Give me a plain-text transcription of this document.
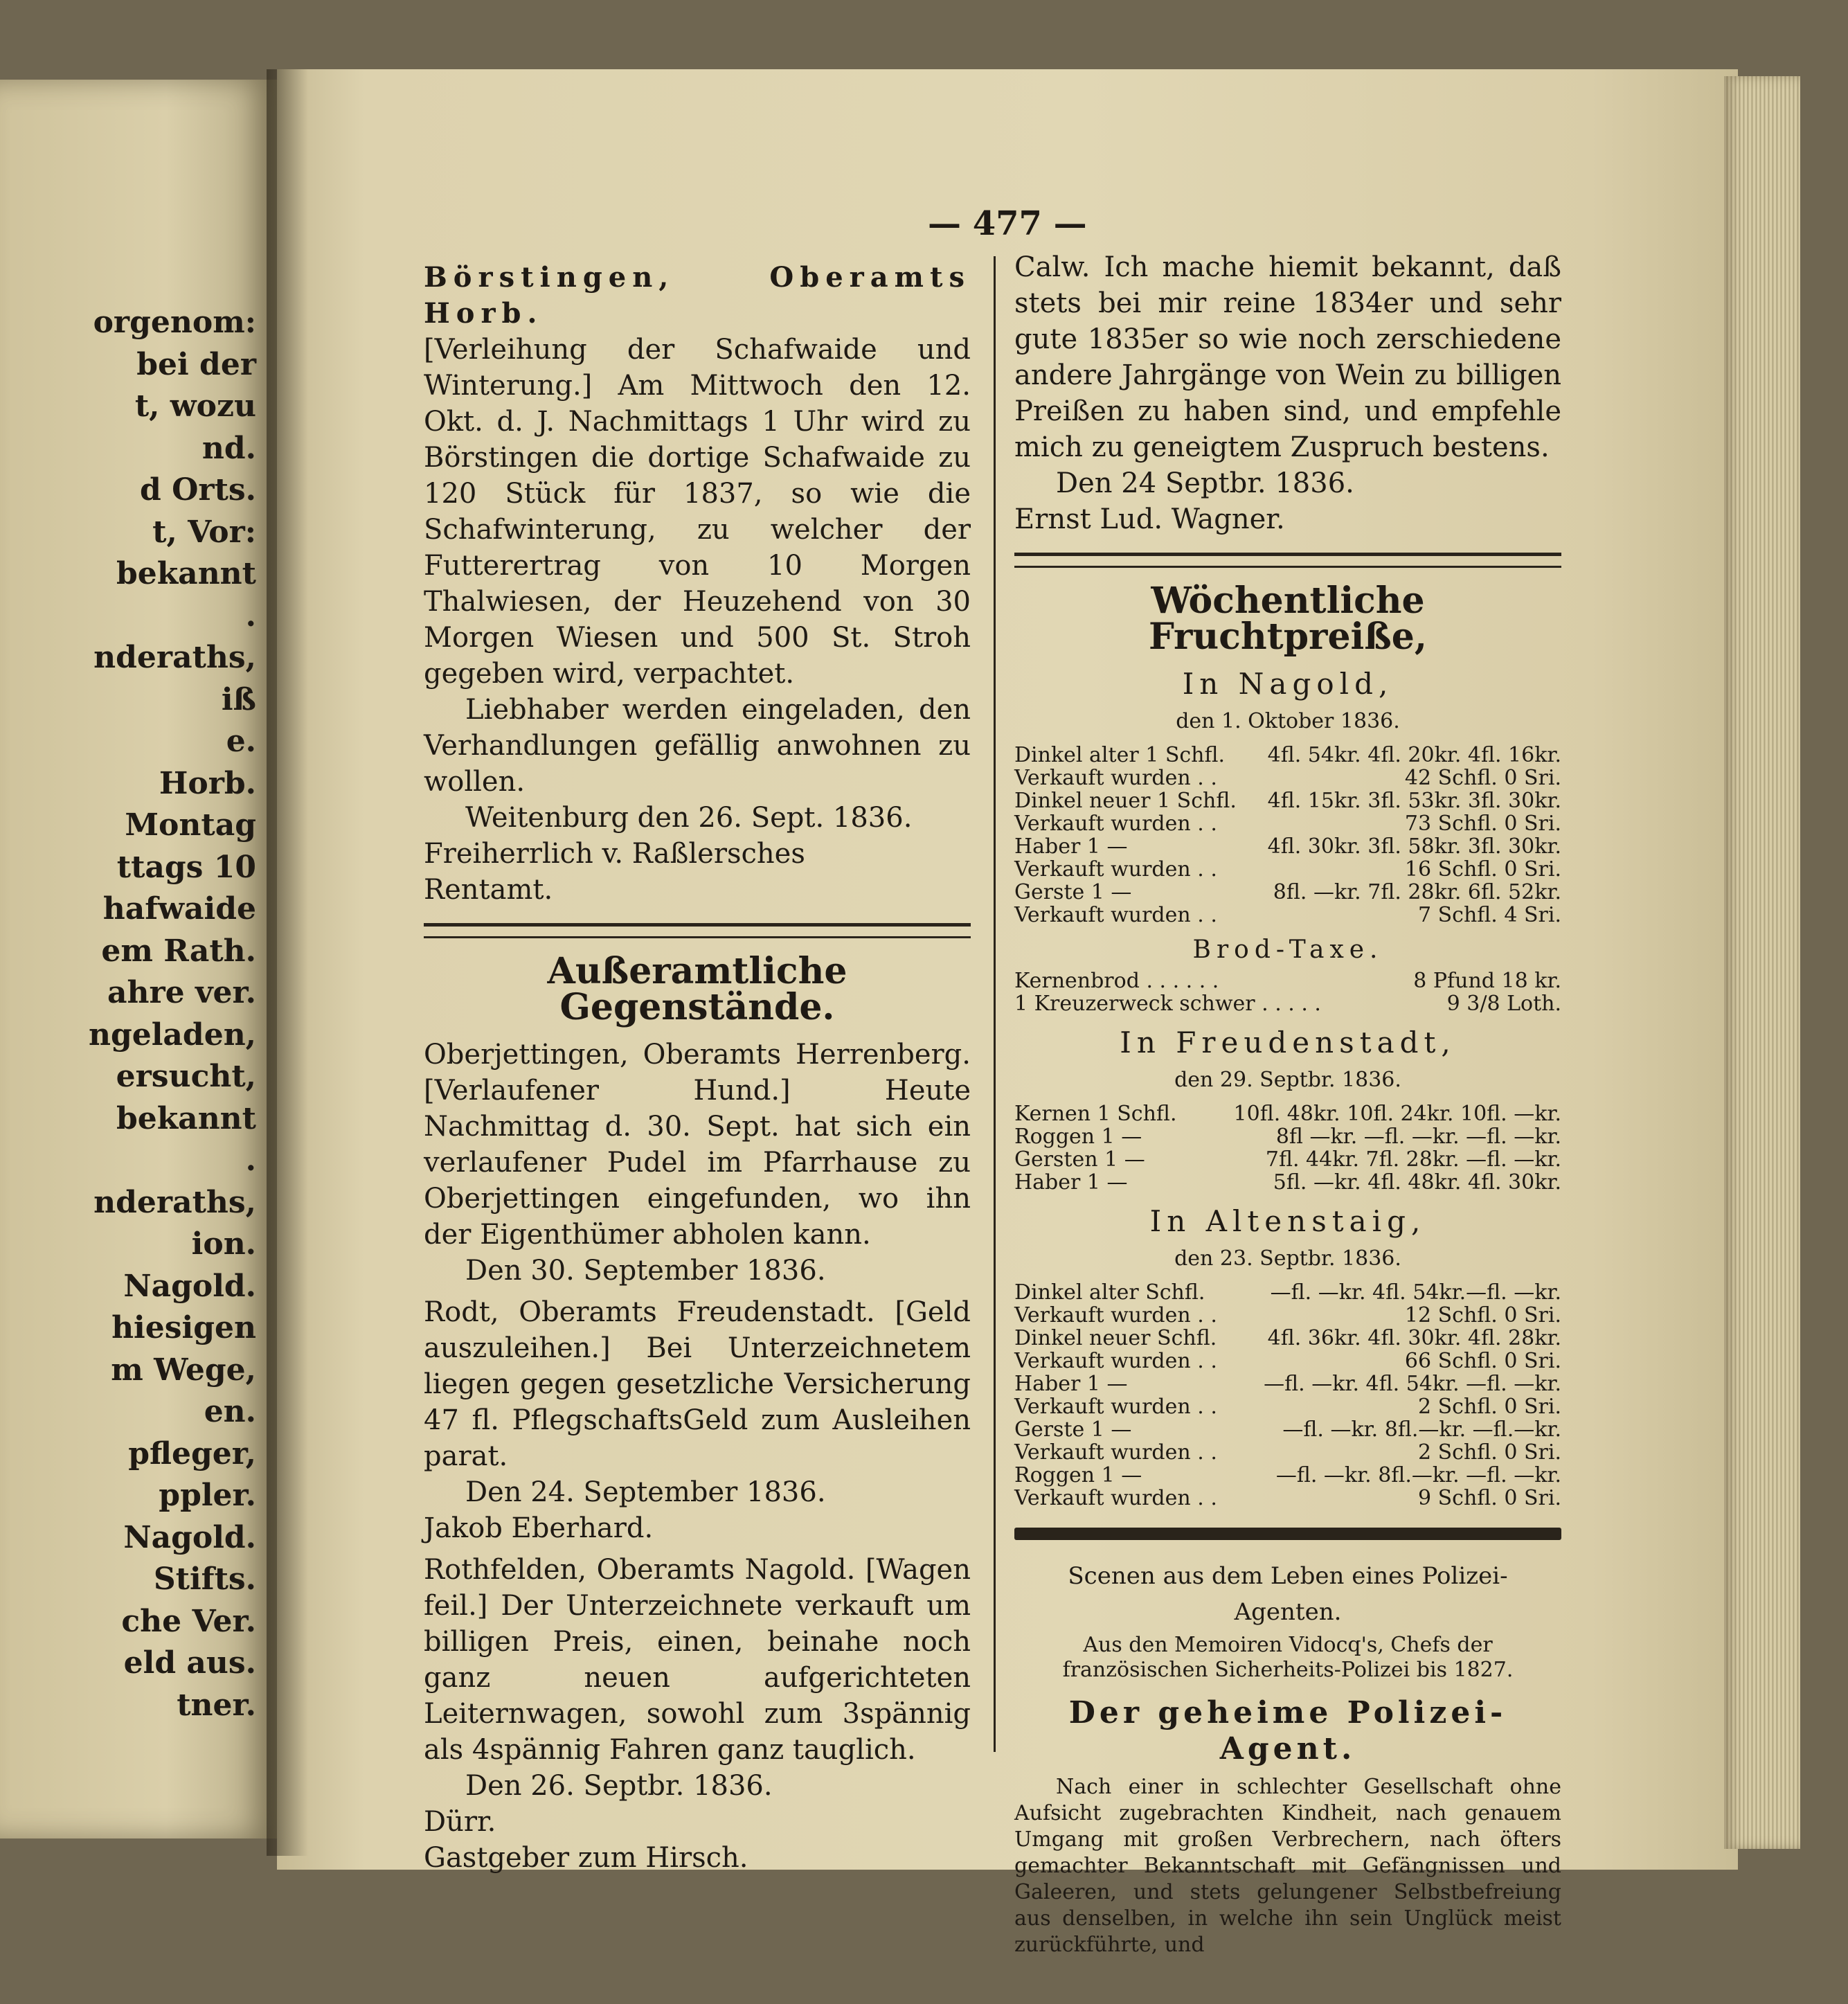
orgenom:
bei der
t, wozu
nd.
d Orts.
t, Vor:
bekannt
.
nderaths,
iß
e.
Horb.
Montag
ttags 10
hafwaide
em Rath.
ahre ver.
ngeladen,
ersucht,
bekannt
.
nderaths,
ion.
Nagold.
hiesigen
m Wege,
en.
pfleger,
ppler.
Nagold.
Stifts.
che Ver.
eld aus.
tner.
— 477 —

Börstingen, Oberamts Horb.

[Verleihung der Schafwaide und Winterung.] Am Mittwoch den 12. Okt. d. J. Nachmittags 1 Uhr wird zu Börstingen die dortige Schafwaide zu 120 Stück für 1837, so wie die Schafwinterung, zu welcher der Futterertrag von 10 Morgen Thalwiesen, der Heuzehend von 30 Morgen Wiesen und 500 St. Stroh gegeben wird, verpachtet.

Liebhaber werden eingeladen, den Verhandlungen gefällig anwohnen zu wollen.

Weitenburg den 26. Sept. 1836.

Freiherrlich v. Raßlersches

Rentamt.

Außeramtliche Gegenstände.

Oberjettingen, Oberamts Herrenberg. [Verlaufener Hund.] Heute Nachmittag d. 30. Sept. hat sich ein verlaufener Pudel im Pfarrhause zu Oberjettingen eingefunden, wo ihn der Eigenthümer abholen kann.

Den 30. September 1836.

Rodt, Oberamts Freudenstadt. [Geld auszuleihen.] Bei Unterzeichnetem liegen gegen gesetzliche Versicherung 47 fl. PflegschaftsGeld zum Ausleihen parat.

Den 24. September 1836.

Jakob Eberhard.

Rothfelden, Oberamts Nagold. [Wagen feil.] Der Unterzeichnete verkauft um billigen Preis, einen, beinahe noch ganz neuen aufgerichteten Leiternwagen, sowohl zum 3spännig als 4spännig Fahren ganz tauglich.

Den 26. Septbr. 1836.

Dürr.

Gastgeber zum Hirsch.

Calw. Ich mache hiemit bekannt, daß stets bei mir reine 1834er und sehr gute 1835er so wie noch zerschiedene andere Jahrgänge von Wein zu billigen Preißen zu haben sind, und empfehle mich zu geneigtem Zuspruch bestens.

Den 24 Septbr. 1836.

Ernst Lud. Wagner.

Wöchentliche Fruchtpreiße,
In Nagold,
den 1. Oktober 1836.
Dinkel alter 1 Schfl.	4fl. 54kr. 4fl. 20kr. 4fl. 16kr.
Verkauft wurden . .	42 Schfl. 0 Sri.
Dinkel neuer 1 Schfl.	4fl. 15kr. 3fl. 53kr. 3fl. 30kr.
Verkauft wurden . .	73 Schfl. 0 Sri.
Haber 1 —	4fl. 30kr. 3fl. 58kr. 3fl. 30kr.
Verkauft wurden . .	16 Schfl. 0 Sri.
Gerste 1 —	8fl. —kr. 7fl. 28kr. 6fl. 52kr.
Verkauft wurden . .	7 Schfl. 4 Sri.
Brod-Taxe.
Kernenbrod . . . . . .	8 Pfund 18 kr.
1 Kreuzerweck schwer . . . . .	9 3/8 Loth.
In Freudenstadt,
den 29. Septbr. 1836.
Kernen 1 Schfl.	10fl. 48kr. 10fl. 24kr. 10fl. —kr.
Roggen 1 —	8fl —kr. —fl. —kr. —fl. —kr.
Gersten 1 —	7fl. 44kr. 7fl. 28kr. —fl. —kr.
Haber 1 —	5fl. —kr. 4fl. 48kr. 4fl. 30kr.
In Altenstaig,
den 23. Septbr. 1836.
Dinkel alter Schfl.	—fl. —kr. 4fl. 54kr.—fl. —kr.
Verkauft wurden . .	12 Schfl. 0 Sri.
Dinkel neuer Schfl.	4fl. 36kr. 4fl. 30kr. 4fl. 28kr.
Verkauft wurden . .	66 Schfl. 0 Sri.
Haber 1 —	—fl. —kr. 4fl. 54kr. —fl. —kr.
Verkauft wurden . .	2 Schfl. 0 Sri.
Gerste 1 —	—fl. —kr. 8fl.—kr. —fl.—kr.
Verkauft wurden . .	2 Schfl. 0 Sri.
Roggen 1 —	—fl. —kr. 8fl.—kr. —fl. —kr.
Verkauft wurden . .	9 Schfl. 0 Sri.
Scenen aus dem Leben eines Polizei-Agenten.
Aus den Memoiren Vidocq's, Chefs der französischen Sicherheits-Polizei bis 1827.
Der geheime Polizei-Agent.

Nach einer in schlechter Gesellschaft ohne Aufsicht zugebrachten Kindheit, nach genauem Umgang mit großen Verbrechern, nach öfters gemachter Bekanntschaft mit Gefängnissen und Galeeren, und stets gelungener Selbstbefreiung aus denselben, in welche ihn sein Unglück meist zurückführte, und
